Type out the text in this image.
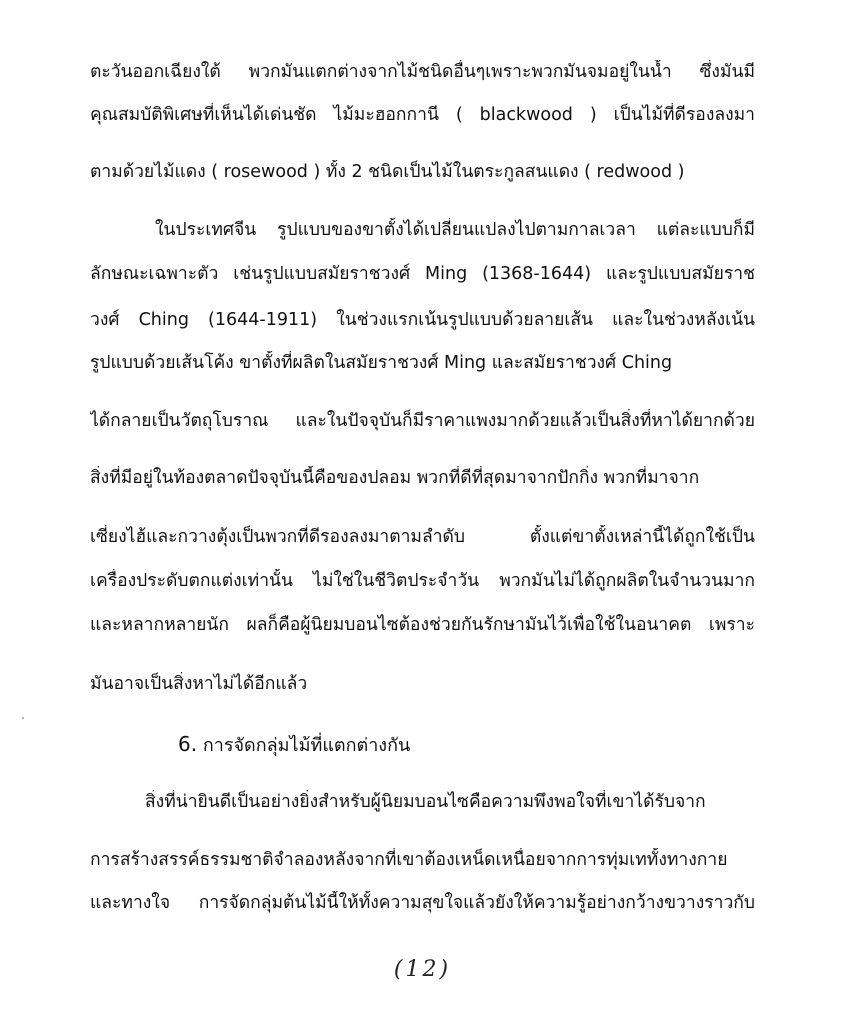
ตะวันออกเฉียงใต้ พวกมันแตกต่างจากไม้ชนิดอื่นๆเพราะพวกมันจมอยู่ในน้ำ ซึ่งมันมี
คุณสมบัติพิเศษที่เห็นได้เด่นชัด ไม้มะฮอกกานี ( blackwood ) เป็นไม้ที่ดีรองลงมา
ตามด้วยไม้แดง ( rosewood ) ทั้ง 2 ชนิดเป็นไม้ในตระกูลสนแดง ( redwood )
ในประเทศจีน รูปแบบของขาตั้งได้เปลี่ยนแปลงไปตามกาลเวลา แต่ละแบบก็มี
ลักษณะเฉพาะตัว เช่นรูปแบบสมัยราชวงศ์ Ming (1368-1644) และรูปแบบสมัยราช
วงศ์ Ching (1644-1911) ในช่วงแรกเน้นรูปแบบด้วยลายเส้น และในช่วงหลังเน้น
รูปแบบด้วยเส้นโค้ง ขาตั้งที่ผลิตในสมัยราชวงศ์ Ming และสมัยราชวงศ์ Ching
ได้กลายเป็นวัตถุโบราณ และในปัจจุบันก็มีราคาแพงมากด้วยแล้วเป็นสิ่งที่หาได้ยากด้วย
สิ่งที่มีอยู่ในท้องตลาดปัจจุบันนี้คือของปลอม พวกที่ดีที่สุดมาจากปักกิ่ง พวกที่มาจาก
เซี่ยงไฮ้และกวางตุ้งเป็นพวกที่ดีรองลงมาตามลำดับ ตั้งแต่ขาตั้งเหล่านี้ได้ถูกใช้เป็น
เครื่องประดับตกแต่งเท่านั้น ไม่ใช่ในชีวิตประจำวัน พวกมันไม่ได้ถูกผลิตในจำนวนมาก
และหลากหลายนัก ผลก็คือผู้นิยมบอนไซต้องช่วยกันรักษามันไว้เพื่อใช้ในอนาคต เพราะ
มันอาจเป็นสิ่งหาไม่ได้อีกแล้ว
6. การจัดกลุ่มไม้ที่แตกต่างกัน
สิ่งที่น่ายินดีเป็นอย่างยิ่งสำหรับผู้นิยมบอนไซคือความพึงพอใจที่เขาได้รับจาก
การสร้างสรรค์ธรรมชาติจำลองหลังจากที่เขาต้องเหน็ดเหนื่อยจากการทุ่มเททั้งทางกาย
และทางใจ การจัดกลุ่มต้นไม้นี้ให้ทั้งความสุขใจแล้วยังให้ความรู้อย่างกว้างขวางราวกับ
(12)
